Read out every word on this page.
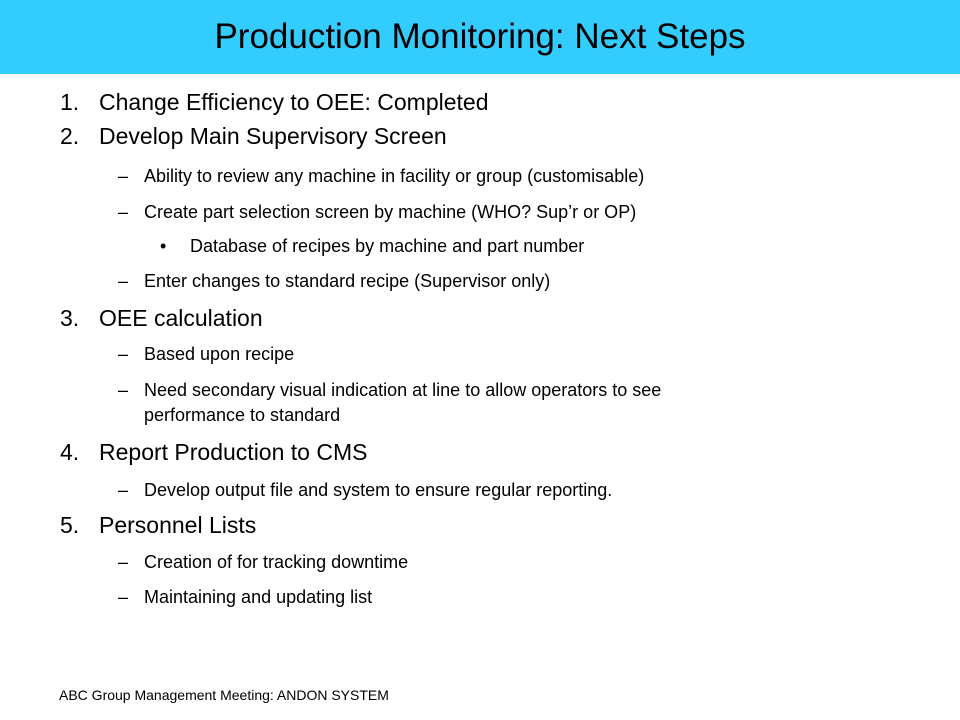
Production Monitoring: Next Steps
1. Change Efficiency to OEE: Completed
2. Develop Main Supervisory Screen
– Ability to review any machine in facility or group (customisable)
– Create part selection screen by machine (WHO? Sup’r or OP)
• Database of recipes by machine and part number
– Enter changes to standard recipe (Supervisor only)
3. OEE calculation
– Based upon recipe
– Need secondary visual indication at line to allow operators to see
performance to standard
4. Report Production to CMS
– Develop output file and system to ensure regular reporting.
5. Personnel Lists
– Creation of for tracking downtime
– Maintaining and updating list
ABC Group Management Meeting: ANDON SYSTEM
